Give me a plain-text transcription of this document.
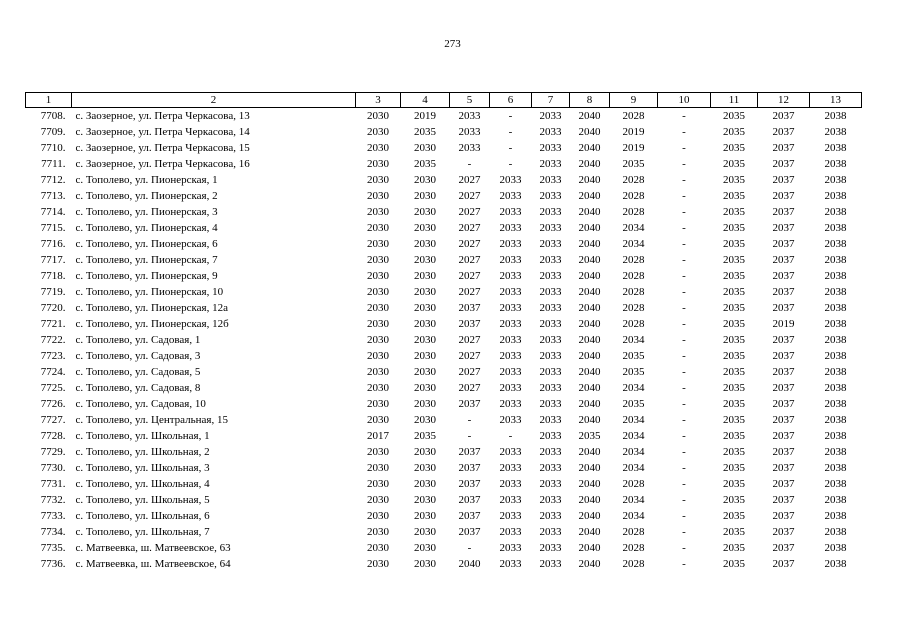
273
1	2	3	4	5	6	7	8	9	10	11	12	13
7708.	с. Заозерное, ул. Петра Черкасова, 13	2030	2019	2033	-	2033	2040	2028	-	2035	2037	2038
7709.	с. Заозерное, ул. Петра Черкасова, 14	2030	2035	2033	-	2033	2040	2019	-	2035	2037	2038
7710.	с. Заозерное, ул. Петра Черкасова, 15	2030	2030	2033	-	2033	2040	2019	-	2035	2037	2038
7711.	с. Заозерное, ул. Петра Черкасова, 16	2030	2035	-	-	2033	2040	2035	-	2035	2037	2038
7712.	с. Тополево, ул. Пионерская, 1	2030	2030	2027	2033	2033	2040	2028	-	2035	2037	2038
7713.	с. Тополево, ул. Пионерская, 2	2030	2030	2027	2033	2033	2040	2028	-	2035	2037	2038
7714.	с. Тополево, ул. Пионерская, 3	2030	2030	2027	2033	2033	2040	2028	-	2035	2037	2038
7715.	с. Тополево, ул. Пионерская, 4	2030	2030	2027	2033	2033	2040	2034	-	2035	2037	2038
7716.	с. Тополево, ул. Пионерская, 6	2030	2030	2027	2033	2033	2040	2034	-	2035	2037	2038
7717.	с. Тополево, ул. Пионерская, 7	2030	2030	2027	2033	2033	2040	2028	-	2035	2037	2038
7718.	с. Тополево, ул. Пионерская, 9	2030	2030	2027	2033	2033	2040	2028	-	2035	2037	2038
7719.	с. Тополево, ул. Пионерская, 10	2030	2030	2027	2033	2033	2040	2028	-	2035	2037	2038
7720.	с. Тополево, ул. Пионерская, 12а	2030	2030	2037	2033	2033	2040	2028	-	2035	2037	2038
7721.	с. Тополево, ул. Пионерская, 12б	2030	2030	2037	2033	2033	2040	2028	-	2035	2019	2038
7722.	с. Тополево, ул. Садовая, 1	2030	2030	2027	2033	2033	2040	2034	-	2035	2037	2038
7723.	с. Тополево, ул. Садовая, 3	2030	2030	2027	2033	2033	2040	2035	-	2035	2037	2038
7724.	с. Тополево, ул. Садовая, 5	2030	2030	2027	2033	2033	2040	2035	-	2035	2037	2038
7725.	с. Тополево, ул. Садовая, 8	2030	2030	2027	2033	2033	2040	2034	-	2035	2037	2038
7726.	с. Тополево, ул. Садовая, 10	2030	2030	2037	2033	2033	2040	2035	-	2035	2037	2038
7727.	с. Тополево, ул. Центральная, 15	2030	2030	-	2033	2033	2040	2034	-	2035	2037	2038
7728.	с. Тополево, ул. Школьная, 1	2017	2035	-	-	2033	2035	2034	-	2035	2037	2038
7729.	с. Тополево, ул. Школьная, 2	2030	2030	2037	2033	2033	2040	2034	-	2035	2037	2038
7730.	с. Тополево, ул. Школьная, 3	2030	2030	2037	2033	2033	2040	2034	-	2035	2037	2038
7731.	с. Тополево, ул. Школьная, 4	2030	2030	2037	2033	2033	2040	2028	-	2035	2037	2038
7732.	с. Тополево, ул. Школьная, 5	2030	2030	2037	2033	2033	2040	2034	-	2035	2037	2038
7733.	с. Тополево, ул. Школьная, 6	2030	2030	2037	2033	2033	2040	2034	-	2035	2037	2038
7734.	с. Тополево, ул. Школьная, 7	2030	2030	2037	2033	2033	2040	2028	-	2035	2037	2038
7735.	с. Матвеевка, ш. Матвеевское, 63	2030	2030	-	2033	2033	2040	2028	-	2035	2037	2038
7736.	с. Матвеевка, ш. Матвеевское, 64	2030	2030	2040	2033	2033	2040	2028	-	2035	2037	2038
